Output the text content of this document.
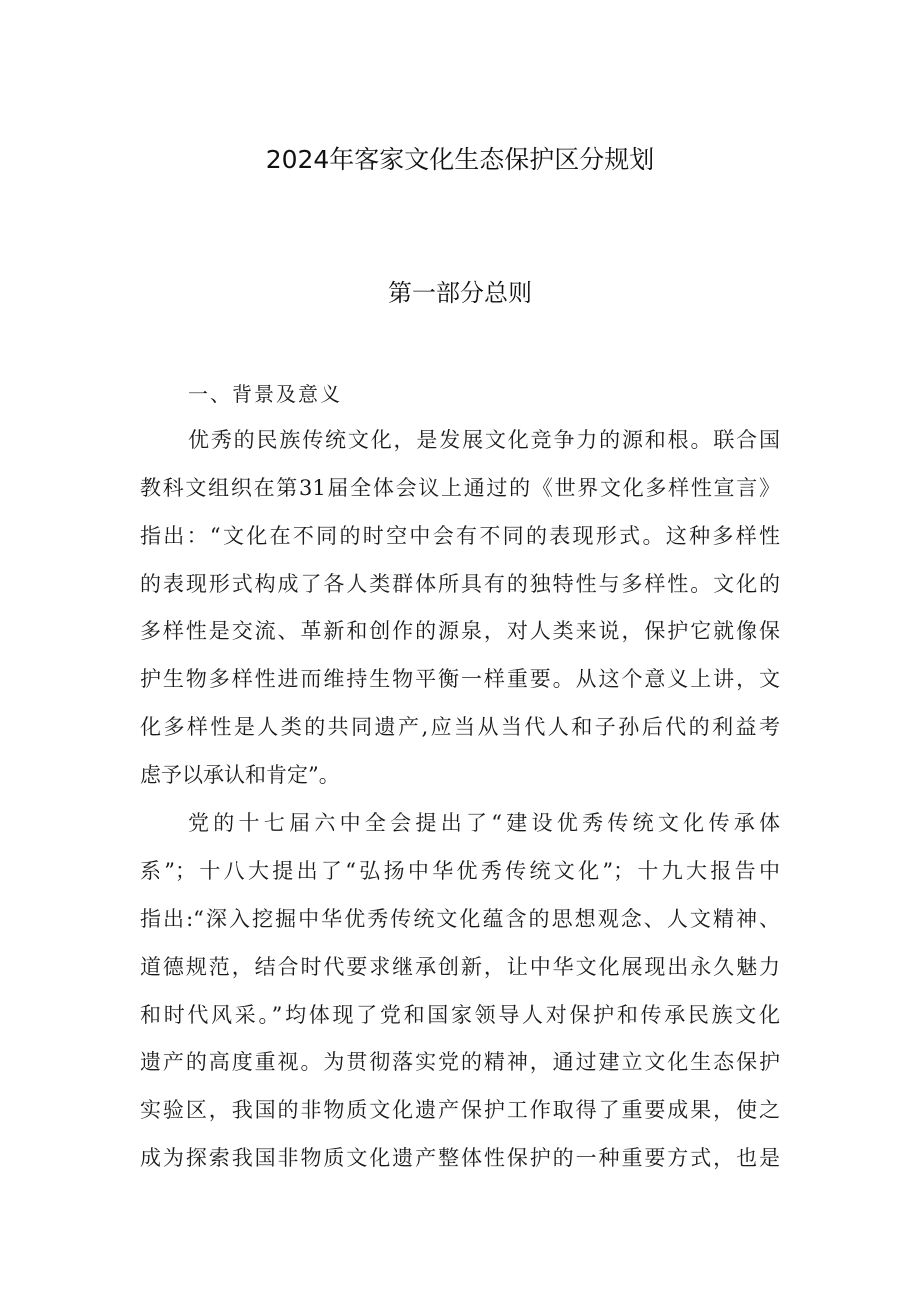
2024年客家文化生态保护区分规划
第一部分总则
一、背景及意义
优秀的民族传统文化，是发展文化竞争力的源和根。联合国
教科文组织在第31届全体会议上通过的《世界文化多样性宣言》
指出：“文化在不同的时空中会有不同的表现形式。这种多样性
的表现形式构成了各人类群体所具有的独特性与多样性。文化的
多样性是交流、革新和创作的源泉，对人类来说，保护它就像保
护生物多样性进而维持生物平衡一样重要。从这个意义上讲，文
化多样性是人类的共同遗产,应当从当代人和子孙后代的利益考
虑予以承认和肯定”。
党的十七届六中全会提出了“建设优秀传统文化传承体
系”；十八大提出了“弘扬中华优秀传统文化”；十九大报告中
指出:“深入挖掘中华优秀传统文化蕴含的思想观念、人文精神、
道德规范，结合时代要求继承创新，让中华文化展现出永久魅力
和时代风采。”均体现了党和国家领导人对保护和传承民族文化
遗产的高度重视。为贯彻落实党的精神，通过建立文化生态保护
实验区，我国的非物质文化遗产保护工作取得了重要成果，使之
成为探索我国非物质文化遗产整体性保护的一种重要方式，也是
